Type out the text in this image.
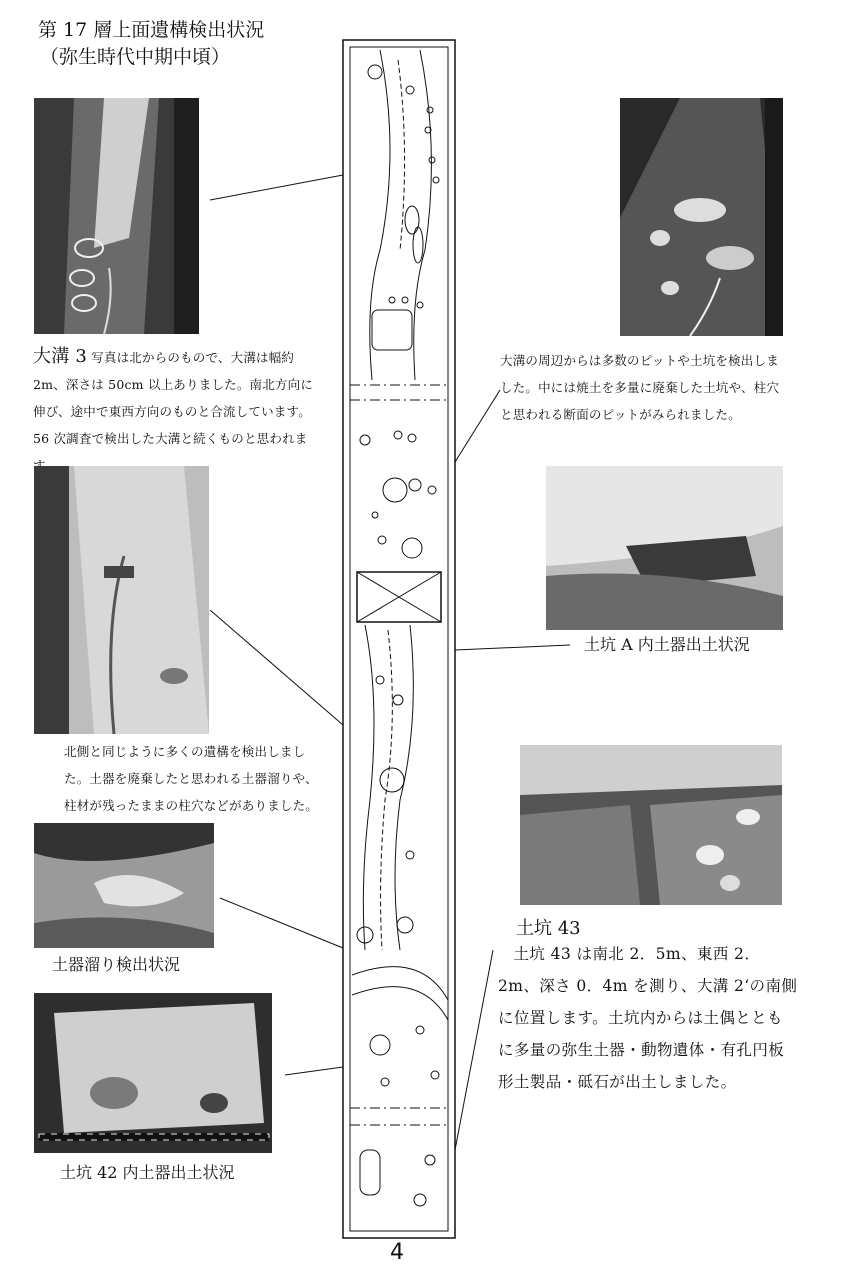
第 17 層上面遺構検出状況
（弥生時代中期中頃）
大溝 3 写真は北からのもので、大溝は幅約 2m、深さは 50cm 以上ありました。南北方向に伸び、途中で東西方向のものと合流しています。56 次調査で検出した大溝と続くものと思われま
大溝の周辺からは多数のピットや土坑を検出しました。中には焼土を多量に廃棄した土坑や、柱穴と思われる断面のピットがみられました。
北側と同じように多くの遺構を検出しました。土器を廃棄したと思われる土器溜りや、柱材が残ったままの柱穴などがありました。
土器溜り検出状況
土坑 A 内土器出土状況
土坑 43
土坑 43 は南北 2．5m、東西 2．2m、深さ 0．4m を測り、大溝 2‘の南側に位置します。土坑内からは土偶とともに多量の弥生土器・動物遺体・有孔円板形土製品・砥石が出土しました。
土坑 42 内土器出土状況
4
